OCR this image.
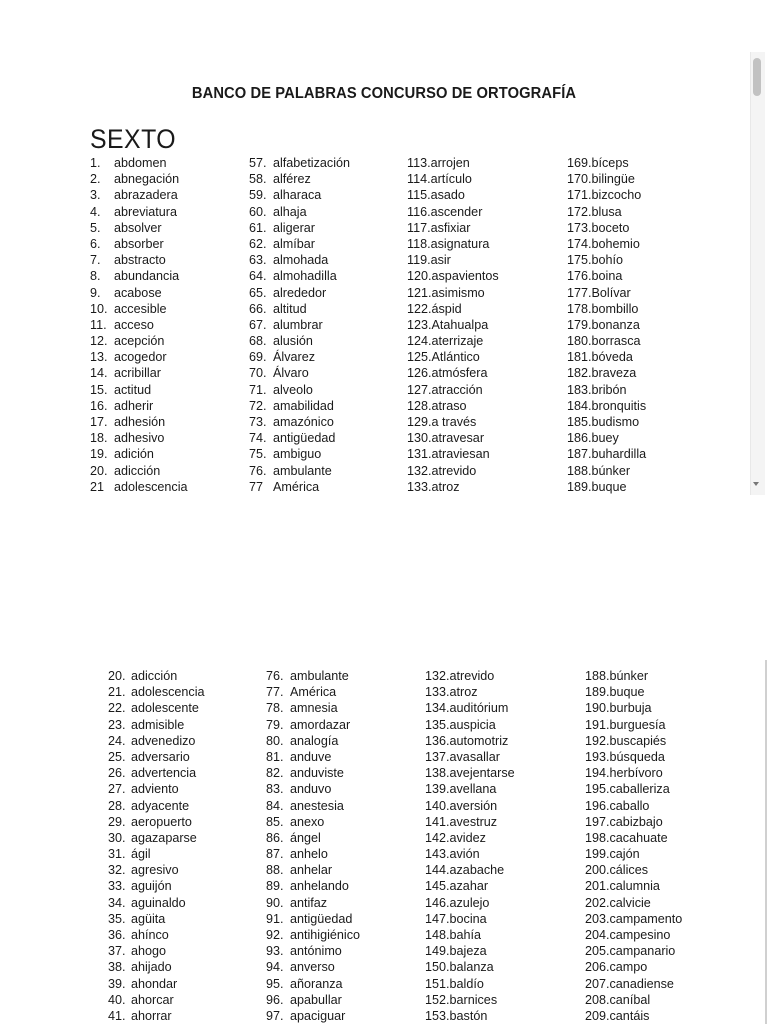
BANCO DE PALABRAS CONCURSO DE ORTOGRAFÍA
SEXTO
1. abdomen
2. abnegación
3. abrazadera
4. abreviatura
5. absolver
6. absorber
7. abstracto
8. abundancia
9. acabose
10. accesible
11. acceso
12. acepción
13. acogedor
14. acribillar
15. actitud
16. adherir
17. adhesión
18. adhesivo
19. adición
20. adicción
21 adolescencia
57. alfabetización
58. alférez
59. alharaca
60. alhaja
61. aligerar
62. almíbar
63. almohada
64. almohadilla
65. alrededor
66. altitud
67. alumbrar
68. alusión
69. Álvarez
70. Álvaro
71. alveolo
72. amabilidad
73. amazónico
74. antigüedad
75. ambiguo
76. ambulante
77 América
113.arrojen
114.artículo
115.asado
116.ascender
117.asfixiar
118.asignatura
119.asir
120.aspavientos
121.asimismo
122.áspid
123.Atahualpa
124.aterrizaje
125.Atlántico
126.atmósfera
127.atracción
128.atraso
129.a través
130.atravesar
131.atraviesan
132.atrevido
133.atroz
169.bíceps
170.bilingüe
171.bizcocho
172.blusa
173.boceto
174.bohemio
175.bohío
176.boina
177.Bolívar
178.bombillo
179.bonanza
180.borrasca
181.bóveda
182.braveza
183.bribón
184.bronquitis
185.budismo
186.buey
187.buhardilla
188.búnker
189.buque
20. adicción
21. adolescencia
22. adolescente
23. admisible
24. advenedizo
25. adversario
26. advertencia
27. adviento
28. adyacente
29. aeropuerto
30. agazaparse
31. ágil
32. agresivo
33. aguijón
34. aguinaldo
35. agüita
36. ahínco
37. ahogo
38. ahijado
39. ahondar
40. ahorcar
41. ahorrar
76. ambulante
77. América
78. amnesia
79. amordazar
80. analogía
81. anduve
82. anduviste
83. anduvo
84. anestesia
85. anexo
86. ángel
87. anhelo
88. anhelar
89. anhelando
90. antifaz
91. antigüedad
92. antihigiénico
93. antónimo
94. anverso
95. añoranza
96. apabullar
97. apaciguar
132.atrevido
133.atroz
134.auditórium
135.auspicia
136.automotriz
137.avasallar
138.avejentarse
139.avellana
140.aversión
141.avestruz
142.avidez
143.avión
144.azabache
145.azahar
146.azulejo
147.bocina
148.bahía
149.bajeza
150.balanza
151.baldío
152.barnices
153.bastón
188.búnker
189.buque
190.burbuja
191.burguesía
192.buscapiés
193.búsqueda
194.herbívoro
195.caballeriza
196.caballo
197.cabizbajo
198.cacahuate
199.cajón
200.cálices
201.calumnia
202.calvicie
203.campamento
204.campesino
205.campanario
206.campo
207.canadiense
208.caníbal
209.cantáis
